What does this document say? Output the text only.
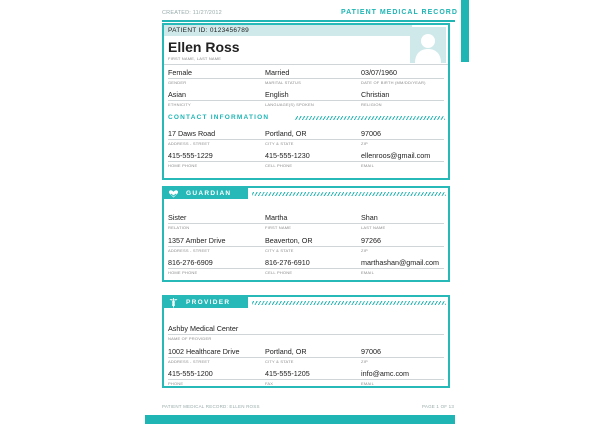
CREATED: 11/27/2012	PATIENT MEDICAL RECORD
PATIENT ID: 0123456789
Ellen Ross
FIRST NAME, LAST NAME
Female	Married	03/07/1960
GENDER	MARITAL STATUS	DATE OF BIRTH (MM/DD/YEAR)
Asian	English	Christian
ETHNICITY	LANGUAGE(S) SPOKEN	RELIGION
CONTACT INFORMATION
17 Daws Road	Portland, OR	97006
ADDRESS - STREET	CITY & STATE	ZIP
415-555-1229	415-555-1230	ellenroos@gmail.com
HOME PHONE	CELL PHONE	EMAIL
GUARDIAN
Sister	Martha	Shan
RELATION	FIRST NAME	LAST NAME
1357 Amber Drive	Beaverton, OR	97266
ADDRESS - STREET	CITY & STATE	ZIP
816-276-6909	816-276-6910	marthashan@gmail.com
HOME PHONE	CELL PHONE	EMAIL
PROVIDER
Ashby Medical Center
NAME OF PROVIDER
1002 Healthcare Drive	Portland, OR	97006
ADDRESS - STREET	CITY & STATE	ZIP
415-555-1200	415-555-1205	info@amc.com
PHONE	FAX	EMAIL
PATIENT MEDICAL RECORD: ELLEN ROSS	PAGE 1 OF 13
